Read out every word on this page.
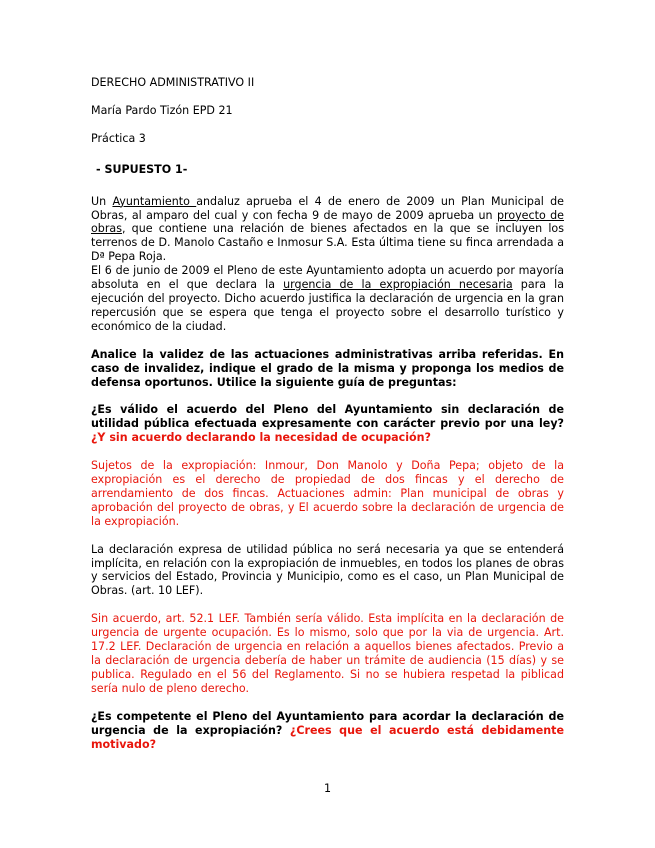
DERECHO ADMINISTRATIVO II
María Pardo Tizón EPD 21
Práctica 3
- SUPUESTO 1-

Un Ayuntamiento andaluz aprueba el 4 de enero de 2009 un Plan Municipal de Obras, al amparo del cual y con fecha 9 de mayo de 2009 aprueba un proyecto de obras, que contiene una relación de bienes afectados en la que se incluyen los terrenos de D. Manolo Castaño e Inmosur S.A. Esta última tiene su finca arrendada a Dª Pepa Roja.

El 6 de junio de 2009 el Pleno de este Ayuntamiento adopta un acuerdo por mayoría absoluta en el que declara la urgencia de la expropiación necesaria para la ejecución del proyecto. Dicho acuerdo justifica la declaración de urgencia en la gran repercusión que se espera que tenga el proyecto sobre el desarrollo turístico y económico de la ciudad.

Analice la validez de las actuaciones administrativas arriba referidas. En caso de invalidez, indique el grado de la misma y proponga los medios de defensa oportunos. Utilice la siguiente guía de preguntas:

¿Es válido el acuerdo del Pleno del Ayuntamiento sin declaración de utilidad pública efectuada expresamente con carácter previo por una ley? ¿Y sin acuerdo declarando la necesidad de ocupación?

Sujetos de la expropiación: Inmour, Don Manolo y Doña Pepa; objeto de la expropiación es el derecho de propiedad de dos fincas y el derecho de arrendamiento de dos fincas. Actuaciones admin: Plan municipal de obras y aprobación del proyecto de obras, y El acuerdo sobre la declaración de urgencia de la expropiación.

La declaración expresa de utilidad pública no será necesaria ya que se entenderá implícita, en relación con la expropiación de inmuebles, en todos los planes de obras y servicios del Estado, Provincia y Municipio, como es el caso, un Plan Municipal de Obras. (art. 10 LEF).

Sin acuerdo, art. 52.1 LEF. También sería válido. Esta implícita en la declaración de urgencia de urgente ocupación. Es lo mismo, solo que por la via de urgencia. Art. 17.2 LEF. Declaración de urgencia en relación a aquellos bienes afectados. Previo a la declaración de urgencia debería de haber un trámite de audiencia (15 días) y se publica. Regulado en el 56 del Reglamento. Si no se hubiera respetad la piblicad sería nulo de pleno derecho.

¿Es competente el Pleno del Ayuntamiento para acordar la declaración de urgencia de la expropiación? ¿Crees que el acuerdo está debidamente motivado?

1
